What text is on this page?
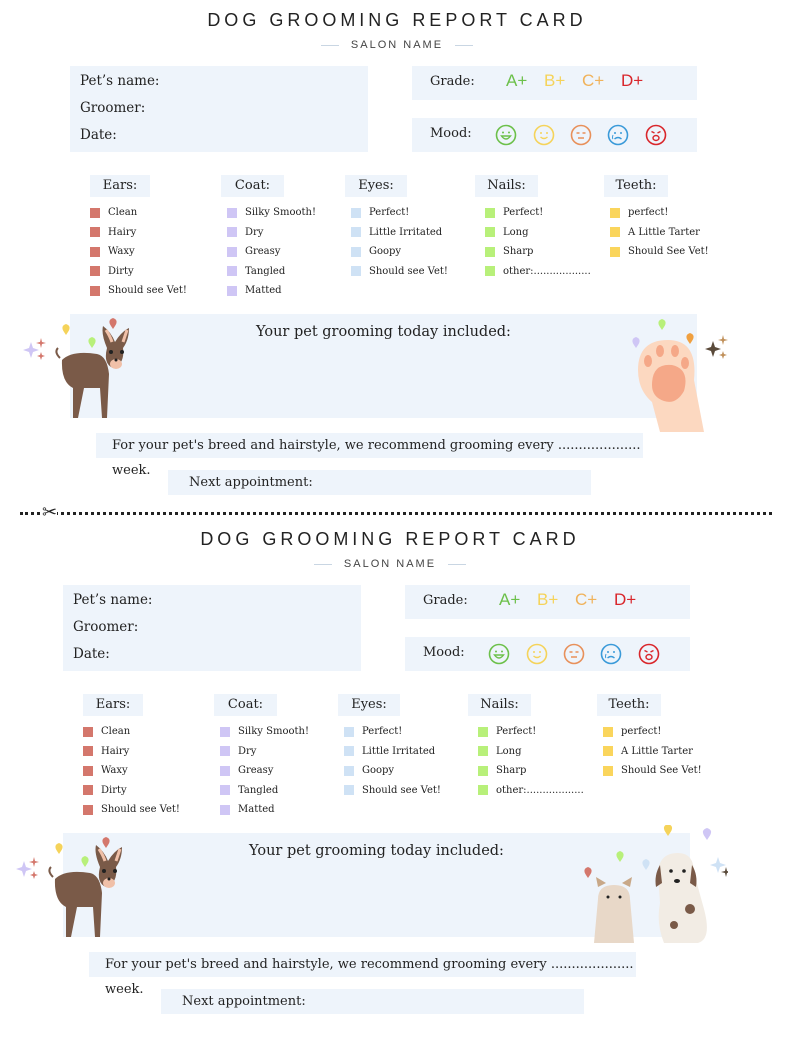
DOG GROOMING REPORT CARD
SALON NAME
Pet’s name:
Groomer:
Date:
Grade: A+ B+ C+ D+
Mood:
Ears:
Clean
Hairy
Waxy
Dirty
Should see Vet!
Coat:
Silky Smooth!
Dry
Greasy
Tangled
Matted
Eyes:
Perfect!
Little Irritated
Goopy
Should see Vet!
Nails:
Perfect!
Long
Sharp
other:..................
Teeth:
perfect!
A Little Tarter
Should See Vet!
Your pet grooming today included:
For your pet's breed and hairstyle, we recommend grooming every .................... week.
Next appointment:
DOG GROOMING REPORT CARD
SALON NAME
Pet’s name:
Groomer:
Date:
Grade: A+ B+ C+ D+
Mood:
Ears:
Clean
Hairy
Waxy
Dirty
Should see Vet!
Coat:
Silky Smooth!
Dry
Greasy
Tangled
Matted
Eyes:
Perfect!
Little Irritated
Goopy
Should see Vet!
Nails:
Perfect!
Long
Sharp
other:..................
Teeth:
perfect!
A Little Tarter
Should See Vet!
Your pet grooming today included:
For your pet's breed and hairstyle, we recommend grooming every .................... week.
Next appointment:
✂
